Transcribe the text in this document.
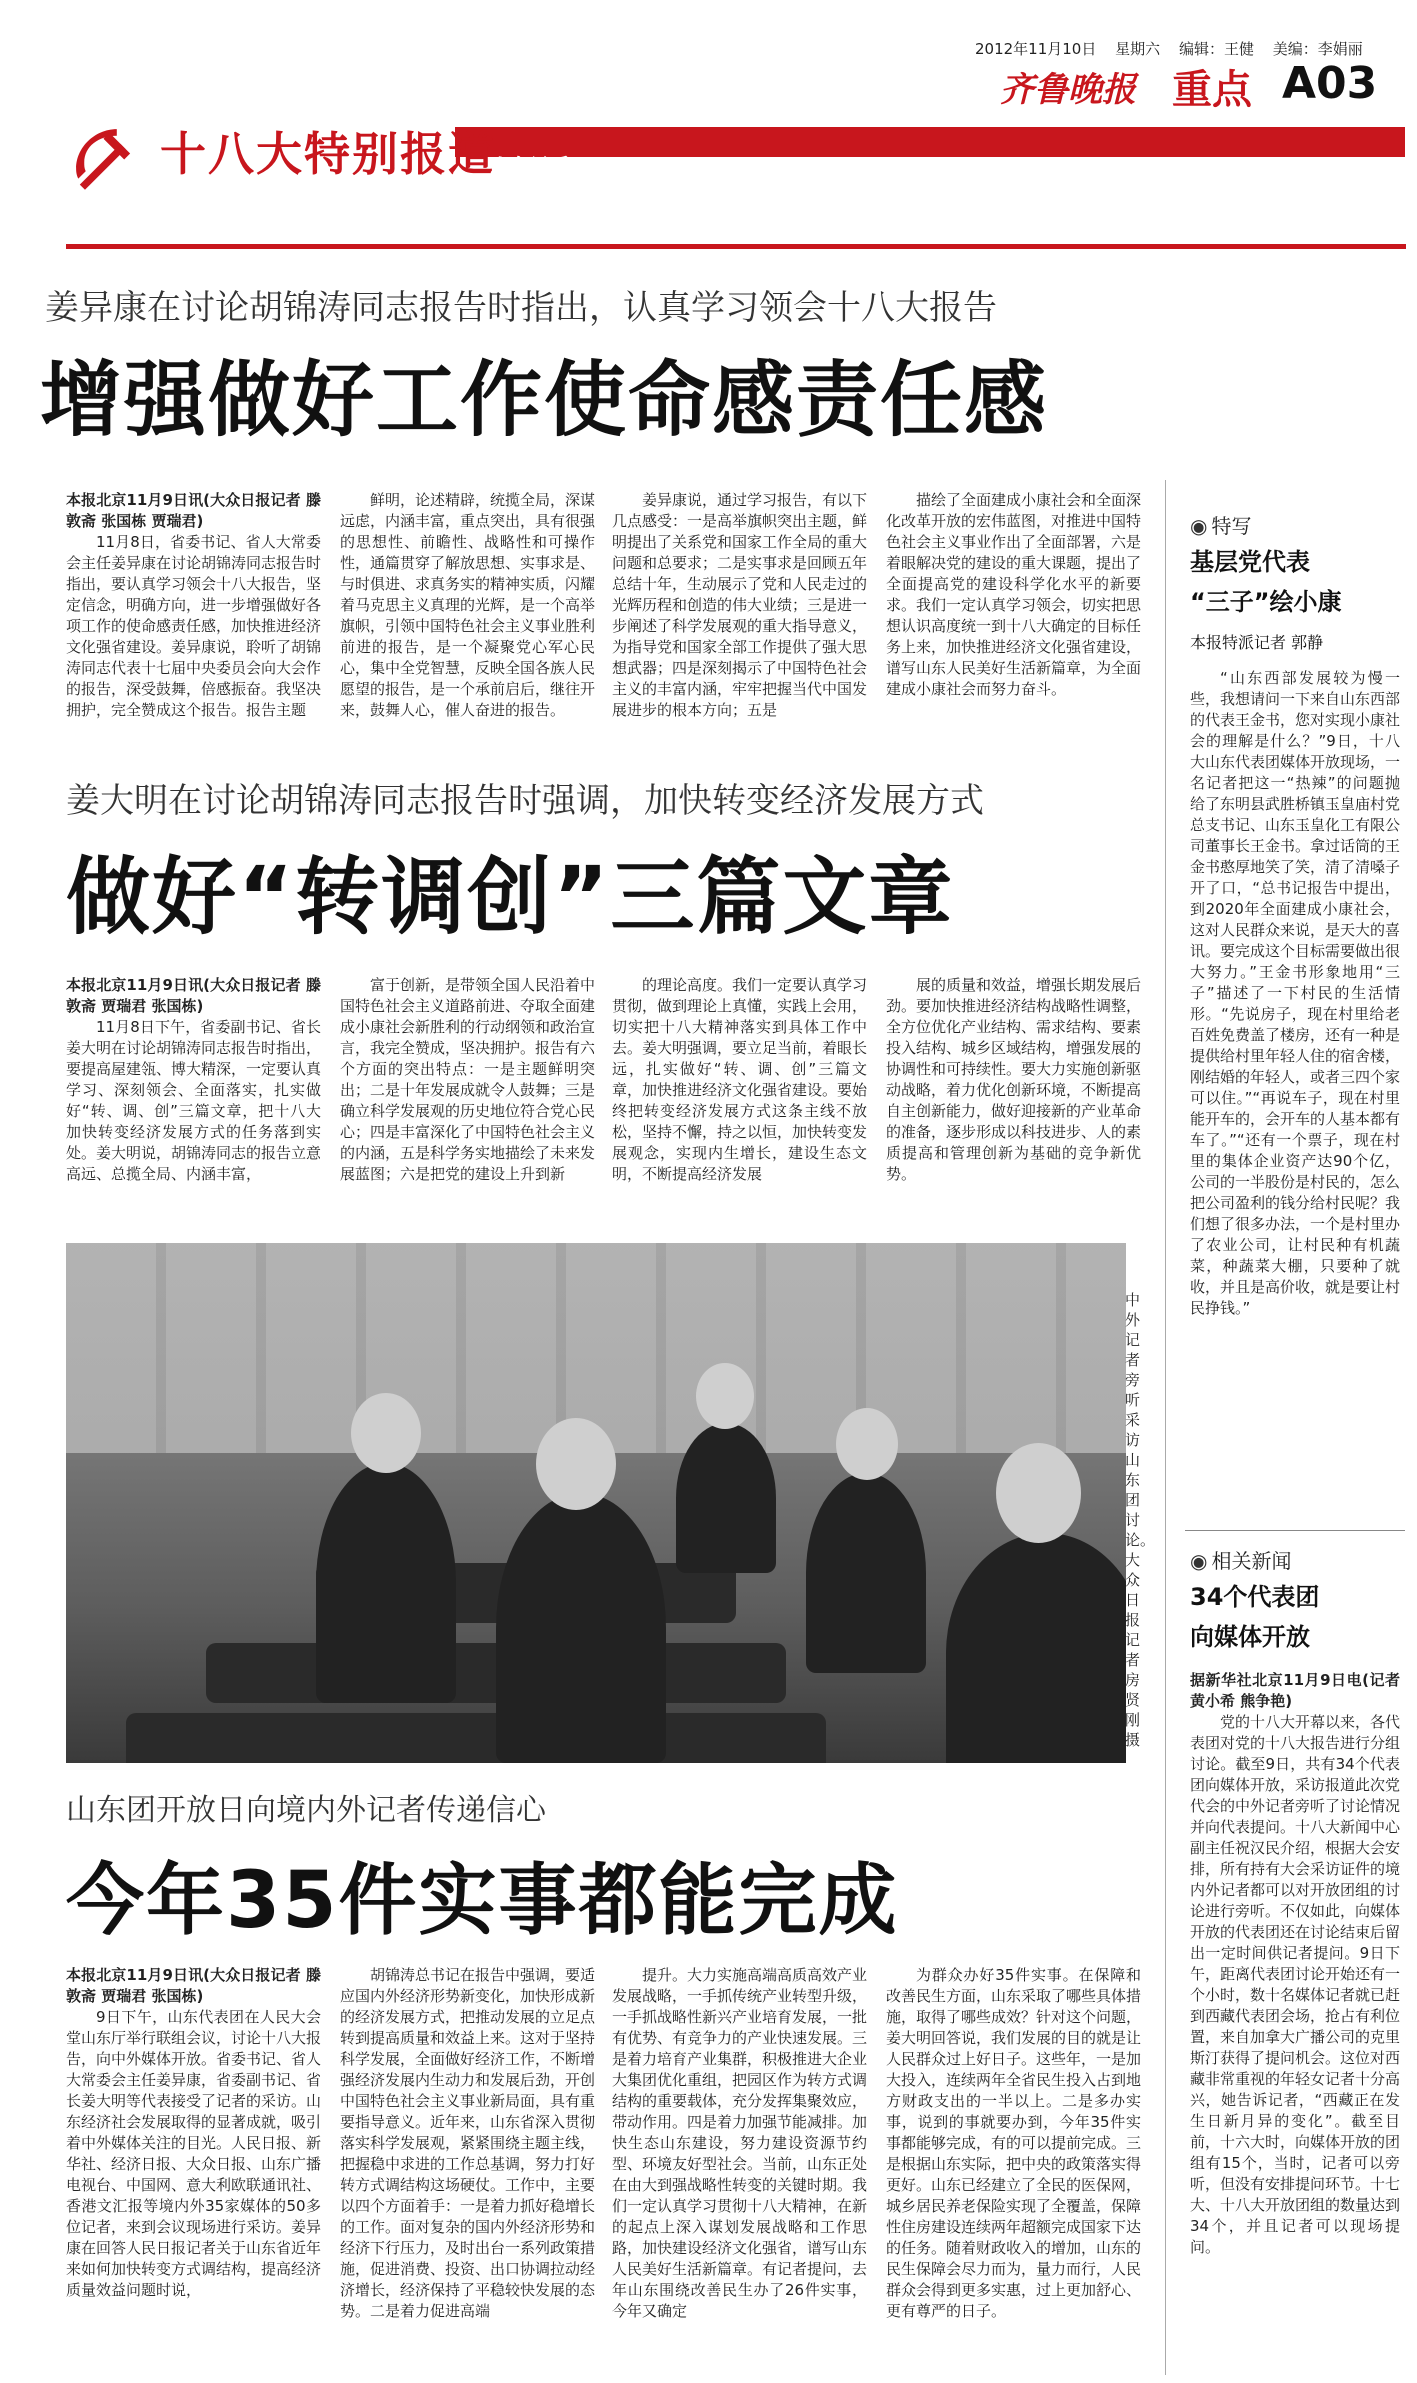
2012年11月10日 星期六 编辑：王健 美编：李娟丽
齐鲁晚报 重点 A03
十八大特别报道
山东风采
姜异康在讨论胡锦涛同志报告时指出，认真学习领会十八大报告
增强做好工作使命感责任感

本报北京11月9日讯(大众日报记者 滕敦斋 张国栋 贾瑞君)

11月8日，省委书记、省人大常委会主任姜异康在讨论胡锦涛同志报告时指出，要认真学习领会十八大报告，坚定信念，明确方向，进一步增强做好各项工作的使命感责任感，加快推进经济文化强省建设。姜异康说，聆听了胡锦涛同志代表十七届中央委员会向大会作的报告，深受鼓舞，倍感振奋。我坚决拥护，完全赞成这个报告。报告主题

鲜明，论述精辟，统揽全局，深谋远虑，内涵丰富，重点突出，具有很强的思想性、前瞻性、战略性和可操作性，通篇贯穿了解放思想、实事求是、与时俱进、求真务实的精神实质，闪耀着马克思主义真理的光辉，是一个高举旗帜，引领中国特色社会主义事业胜利前进的报告，是一个凝聚党心军心民心，集中全党智慧，反映全国各族人民愿望的报告，是一个承前启后，继往开来，鼓舞人心，催人奋进的报告。

姜异康说，通过学习报告，有以下几点感受：一是高举旗帜突出主题，鲜明提出了关系党和国家工作全局的重大问题和总要求；二是实事求是回顾五年总结十年，生动展示了党和人民走过的光辉历程和创造的伟大业绩；三是进一步阐述了科学发展观的重大指导意义，为指导党和国家全部工作提供了强大思想武器；四是深刻揭示了中国特色社会主义的丰富内涵，牢牢把握当代中国发展进步的根本方向；五是

描绘了全面建成小康社会和全面深化改革开放的宏伟蓝图，对推进中国特色社会主义事业作出了全面部署，六是着眼解决党的建设的重大课题，提出了全面提高党的建设科学化水平的新要求。我们一定认真学习领会，切实把思想认识高度统一到十八大确定的目标任务上来，加快推进经济文化强省建设，谱写山东人民美好生活新篇章，为全面建成小康社会而努力奋斗。

姜大明在讨论胡锦涛同志报告时强调，加快转变经济发展方式
做好“转调创”三篇文章

本报北京11月9日讯(大众日报记者 滕敦斋 贾瑞君 张国栋)

11月8日下午，省委副书记、省长姜大明在讨论胡锦涛同志报告时指出，要提高屋建瓴、博大精深，一定要认真学习、深刻领会、全面落实，扎实做好“转、调、创”三篇文章，把十八大加快转变经济发展方式的任务落到实处。姜大明说，胡锦涛同志的报告立意高远、总揽全局、内涵丰富，

富于创新，是带领全国人民沿着中国特色社会主义道路前进、夺取全面建成小康社会新胜利的行动纲领和政治宣言，我完全赞成，坚决拥护。报告有六个方面的突出特点：一是主题鲜明突出；二是十年发展成就令人鼓舞；三是确立科学发展观的历史地位符合党心民心；四是丰富深化了中国特色社会主义的内涵，五是科学务实地描绘了未来发展蓝图；六是把党的建设上升到新

的理论高度。我们一定要认真学习贯彻，做到理论上真懂，实践上会用，切实把十八大精神落实到具体工作中去。姜大明强调，要立足当前，着眼长远，扎实做好“转、调、创”三篇文章，加快推进经济文化强省建设。要始终把转变经济发展方式这条主线不放松，坚持不懈，持之以恒，加快转变发展观念，实现内生增长，建设生态文明，不断提高经济发展

展的质量和效益，增强长期发展后劲。要加快推进经济结构战略性调整，全方位优化产业结构、需求结构、要素投入结构、城乡区域结构，增强发展的协调性和可持续性。要大力实施创新驱动战略，着力优化创新环境，不断提高自主创新能力，做好迎接新的产业革命的准备，逐步形成以科技进步、人的素质提高和管理创新为基础的竞争新优势。

中外记者旁听采访山东团讨论。大众日报记者 房贤刚 摄
山东团开放日向境内外记者传递信心
今年35件实事都能完成

本报北京11月9日讯(大众日报记者 滕敦斋 贾瑞君 张国栋)

9日下午，山东代表团在人民大会堂山东厅举行联组会议，讨论十八大报告，向中外媒体开放。省委书记、省人大常委会主任姜异康，省委副书记、省长姜大明等代表接受了记者的采访。山东经济社会发展取得的显著成就，吸引着中外媒体关注的目光。人民日报、新华社、经济日报、大众日报、山东广播电视台、中国网、意大利欧联通讯社、香港文汇报等境内外35家媒体的50多位记者，来到会议现场进行采访。姜异康在回答人民日报记者关于山东省近年来如何加快转变方式调结构，提高经济质量效益问题时说，

胡锦涛总书记在报告中强调，要适应国内外经济形势新变化，加快形成新的经济发展方式，把推动发展的立足点转到提高质量和效益上来。这对于坚持科学发展，全面做好经济工作，不断增强经济发展内生动力和发展后劲，开创中国特色社会主义事业新局面，具有重要指导意义。近年来，山东省深入贯彻落实科学发展观，紧紧围绕主题主线，把握稳中求进的工作总基调，努力打好转方式调结构这场硬仗。工作中，主要以四个方面着手：一是着力抓好稳增长的工作。面对复杂的国内外经济形势和经济下行压力，及时出台一系列政策措施，促进消费、投资、出口协调拉动经济增长，经济保持了平稳较快发展的态势。二是着力促进高端

提升。大力实施高端高质高效产业发展战略，一手抓传统产业转型升级，一手抓战略性新兴产业培育发展，一批有优势、有竞争力的产业快速发展。三是着力培育产业集群，积极推进大企业大集团优化重组，把园区作为转方式调结构的重要载体，充分发挥集聚效应，带动作用。四是着力加强节能减排。加快生态山东建设，努力建设资源节约型、环境友好型社会。当前，山东正处在由大到强战略性转变的关键时期。我们一定认真学习贯彻十八大精神，在新的起点上深入谋划发展战略和工作思路，加快建设经济文化强省，谱写山东人民美好生活新篇章。有记者提问，去年山东围绕改善民生办了26件实事，今年又确定

为群众办好35件实事。在保障和改善民生方面，山东采取了哪些具体措施，取得了哪些成效？针对这个问题，姜大明回答说，我们发展的目的就是让人民群众过上好日子。这些年，一是加大投入，连续两年全省民生投入占到地方财政支出的一半以上。二是多办实事，说到的事就要办到，今年35件实事都能够完成，有的可以提前完成。三是根据山东实际，把中央的政策落实得更好。山东已经建立了全民的医保网，城乡居民养老保险实现了全覆盖，保障性住房建设连续两年超额完成国家下达的任务。随着财政收入的增加，山东的民生保障会尽力而为，量力而行，人民群众会得到更多实惠，过上更加舒心、更有尊严的日子。

◉ 特写
基层党代表
“三子”绘小康
本报特派记者 郭静

“山东西部发展较为慢一些，我想请问一下来自山东西部的代表王金书，您对实现小康社会的理解是什么？”9日，十八大山东代表团媒体开放现场，一名记者把这一“热辣”的问题抛给了东明县武胜桥镇玉皇庙村党总支书记、山东玉皇化工有限公司董事长王金书。拿过话筒的王金书憨厚地笑了笑，清了清嗓子开了口，“总书记报告中提出，到2020年全面建成小康社会，这对人民群众来说，是天大的喜讯。要完成这个目标需要做出很大努力。”王金书形象地用“三子”描述了一下村民的生活情形。“先说房子，现在村里给老百姓免费盖了楼房，还有一种是提供给村里年轻人住的宿舍楼，刚结婚的年轻人，或者三四个家可以住。”“再说车子，现在村里能开车的，会开车的人基本都有车了。”“还有一个票子，现在村里的集体企业资产达90个亿，公司的一半股份是村民的，怎么把公司盈利的钱分给村民呢？我们想了很多办法，一个是村里办了农业公司，让村民种有机蔬菜，种蔬菜大棚，只要种了就收，并且是高价收，就是要让村民挣钱。”

◉ 相关新闻
34个代表团
向媒体开放

据新华社北京11月9日电(记者 黄小希 熊争艳)

党的十八大开幕以来，各代表团对党的十八大报告进行分组讨论。截至9日，共有34个代表团向媒体开放，采访报道此次党代会的中外记者旁听了讨论情况并向代表提问。十八大新闻中心副主任祝汉民介绍，根据大会安排，所有持有大会采访证件的境内外记者都可以对开放团组的讨论进行旁听。不仅如此，向媒体开放的代表团还在讨论结束后留出一定时间供记者提问。9日下午，距离代表团讨论开始还有一个小时，数十名媒体记者就已赶到西藏代表团会场，抢占有利位置，来自加拿大广播公司的克里斯汀获得了提问机会。这位对西藏非常重视的年轻女记者十分高兴，她告诉记者，“西藏正在发生日新月异的变化”。截至目前，十六大时，向媒体开放的团组有15个，当时，记者可以旁听，但没有安排提问环节。十七大、十八大开放团组的数量达到34个，并且记者可以现场提问。
